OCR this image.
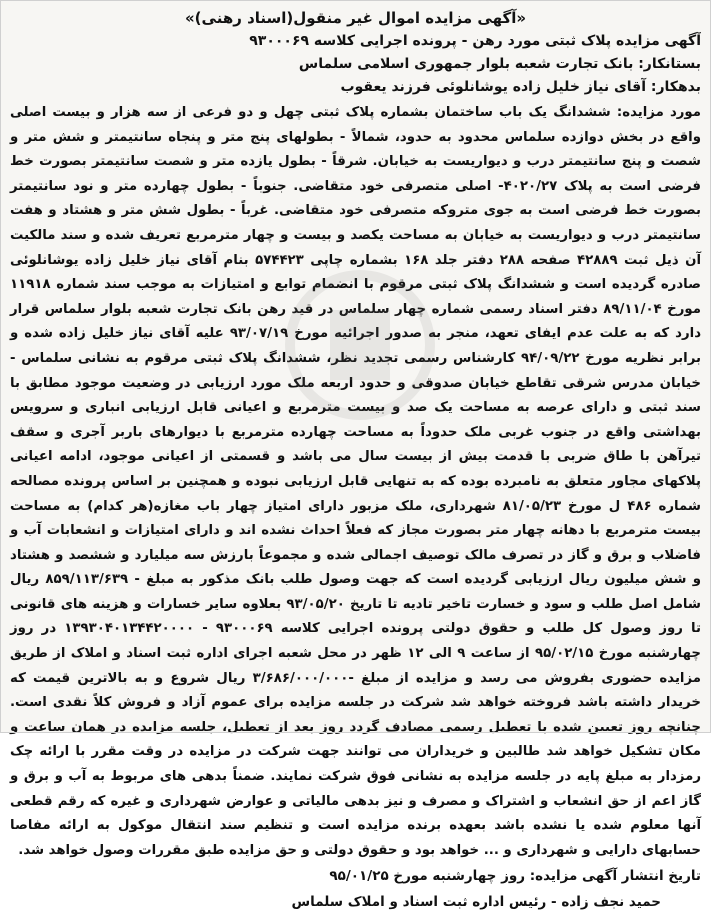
«آگهی مزایده اموال غیر منقول(اسناد رهنی)»

آگهی مزایده پلاک ثبتی مورد رهن - پرونده اجرایی کلاسه ۹۳۰۰۰۶۹

بستانکار: بانک تجارت شعبه بلوار جمهوری اسلامی سلماس

بدهکار: آقای نیاز خلیل زاده یوشانلوئی فرزند یعقوب

مورد مزایده: ششدانگ یک باب ساختمان بشماره پلاک ثبتی چهل و دو فرعی از سه هزار و بیست اصلی واقع در بخش دوازده سلماس محدود به حدود، شمالاً - بطولهای پنج متر و پنجاه سانتیمتر و شش متر و شصت و پنج سانتیمتر درب و دیواریست به خیابان. شرقاً - بطول یازده متر و شصت سانتیمتر بصورت خط فرضی است به پلاک ۴۰۲۰/۲۷- اصلی متصرفی خود متقاضی. جنوباً - بطول چهارده متر و نود سانتیمتر بصورت خط فرضی است به جوی متروکه متصرفی خود متقاضی. غرباً - بطول شش متر و هشتاد و هفت سانتیمتر درب و دیواریست به خیابان به مساحت یکصد و بیست و چهار مترمربع تعریف شده و سند مالکیت آن ذیل ثبت ۴۲۸۸۹ صفحه ۲۸۸ دفتر جلد ۱۶۸ بشماره چاپی ۵۷۴۴۲۳ بنام آقای نیاز خلیل زاده یوشانلوئی صادره گردیده است و ششدانگ پلاک ثبتی مرقوم با انضمام توابع و امتیازات به موجب سند شماره ۱۱۹۱۸ مورخ ۸۹/۱۱/۰۴ دفتر اسناد رسمی شماره چهار سلماس در قید رهن بانک تجارت شعبه بلوار سلماس قرار دارد که به علت عدم ایفای تعهد، منجر به صدور اجرائیه مورخ ۹۳/۰۷/۱۹ علیه آقای نیاز خلیل زاده شده و برابر نظریه مورخ ۹۴/۰۹/۲۲ کارشناس رسمی تجدید نظر، ششدانگ پلاک ثبتی مرقوم به نشانی سلماس - خیابان مدرس شرقی تقاطع خیابان صدوقی و حدود اربعه ملک مورد ارزیابی در وضعیت موجود مطابق با سند ثبتی و دارای عرصه به مساحت یک صد و بیست مترمربع و اعیانی قابل ارزیابی انباری و سرویس بهداشتی واقع در جنوب غربی ملک حدوداً به مساحت چهارده مترمربع با دیوارهای باربر آجری و سقف تیرآهن با طاق ضربی با قدمت بیش از بیست سال می باشد و قسمتی از اعیانی موجود، ادامه اعیانی پلاکهای مجاور متعلق به نامبرده بوده که به تنهایی قابل ارزیابی نبوده و همچنین بر اساس پرونده مصالحه شماره ۴۸۶ ل مورخ ۸۱/۰۵/۲۳ شهرداری، ملک مزبور دارای امتیاز چهار باب مغازه(هر کدام) به مساحت بیست مترمربع با دهانه چهار متر بصورت مجاز که فعلاً احداث نشده اند و دارای امتیازات و انشعابات آب و فاضلاب و برق و گاز در تصرف مالک توصیف اجمالی شده و مجموعاً بارزش سه میلیارد و ششصد و هشتاد و شش میلیون ریال ارزیابی گردیده است که جهت وصول طلب بانک مذکور به مبلغ - ۸۵۹/۱۱۳/۶۳۹ ریال شامل اصل طلب و سود و خسارت تاخیر تادیه تا تاریخ ۹۳/۰۵/۲۰ بعلاوه سایر خسارات و هزینه های قانونی تا روز وصول کل طلب و حقوق دولتی پرونده اجرایی کلاسه ۹۳۰۰۰۶۹ - ۱۳۹۳۰۴۰۱۳۴۴۲۰۰۰۰ در روز چهارشنبه مورخ ۹۵/۰۲/۱۵ از ساعت ۹ الی ۱۲ ظهر در محل شعبه اجرای اداره ثبت اسناد و املاک از طریق مزایده حضوری بفروش می رسد و مزایده از مبلغ -۳/۶۸۶/۰۰۰/۰۰۰ ریال شروع و به بالاترین قیمت که خریدار داشته باشد فروخته خواهد شد شرکت در جلسه مزایده برای عموم آزاد و فروش کلاً نقدی است. چنانچه روز تعیین شده با تعطیل رسمی مصادف گردد روز بعد از تعطیل، جلسه مزایده در همان ساعت و مکان تشکیل خواهد شد طالبین و خریداران می توانند جهت شرکت در مزایده در وقت مقرر با ارائه چک رمزدار به مبلغ پایه در جلسه مزایده به نشانی فوق شرکت نمایند. ضمناً بدهی های مربوط به آب و برق و گاز اعم از حق انشعاب و اشتراک و مصرف و نیز بدهی مالیاتی و عوارض شهرداری و غیره که رقم قطعی آنها معلوم شده یا نشده باشد بعهده برنده مزایده است و تنظیم سند انتقال موکول به ارائه مفاصا حسابهای دارایی و شهرداری و ... خواهد بود و حقوق دولتی و حق مزایده طبق مقررات وصول خواهد شد.

تاریخ انتشار آگهی مزایده: روز چهارشنبه مورخ ۹۵/۰۱/۲۵

حمید نجف زاده - رئیس اداره ثبت اسناد و املاک سلماس
